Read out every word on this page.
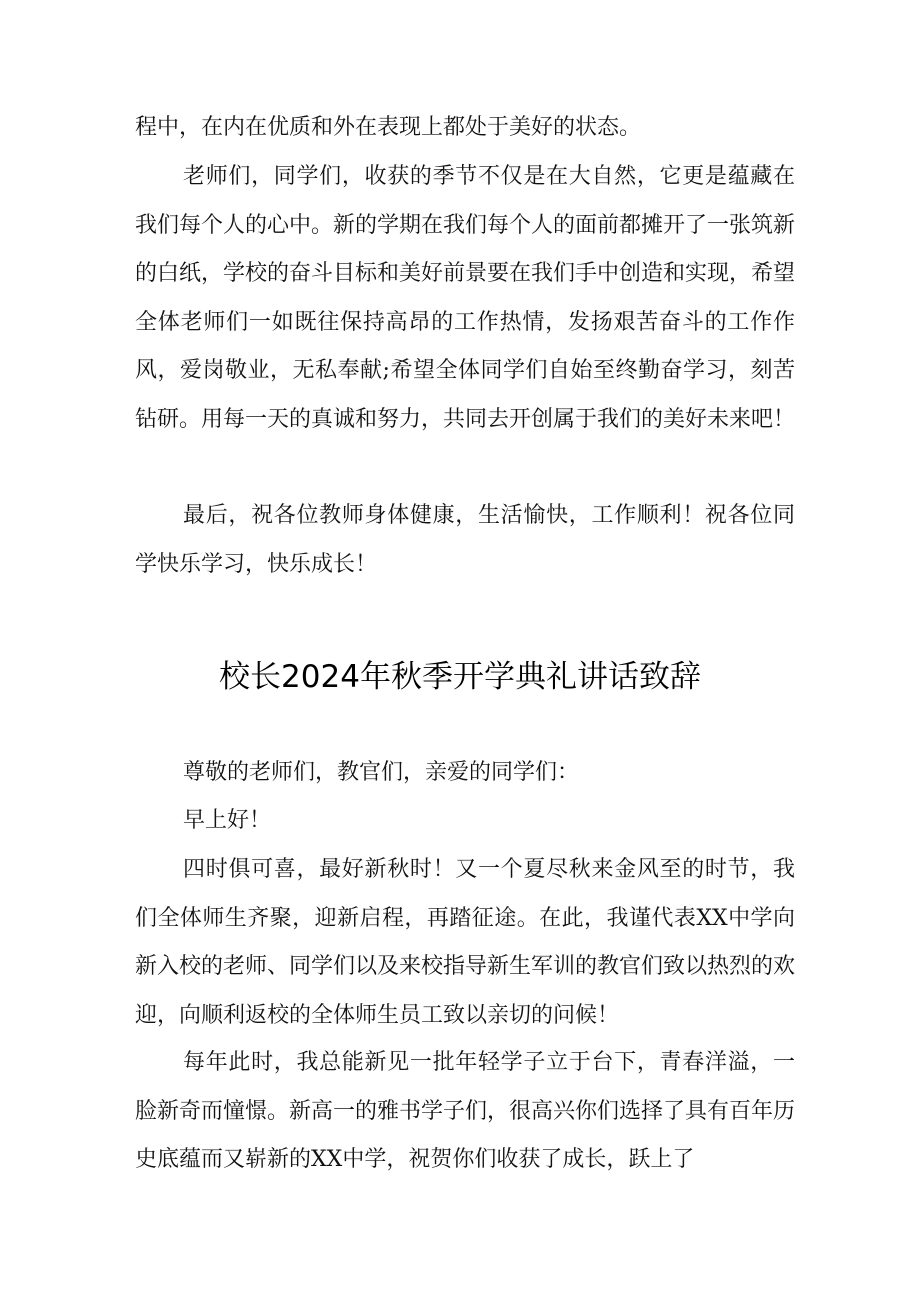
程中，在内在优质和外在表现上都处于美好的状态。

老师们，同学们，收获的季节不仅是在大自然，它更是蕴藏在我们每个人的心中。新的学期在我们每个人的面前都摊开了一张筑新的白纸，学校的奋斗目标和美好前景要在我们手中创造和实现，希望全体老师们一如既往保持高昂的工作热情，发扬艰苦奋斗的工作作风，爱岗敬业，无私奉献;希望全体同学们自始至终勤奋学习，刻苦钻研。用每一天的真诚和努力，共同去开创属于我们的美好未来吧！

最后，祝各位教师身体健康，生活愉快，工作顺利！祝各位同学快乐学习，快乐成长！

校长2024年秋季开学典礼讲话致辞

尊敬的老师们，教官们，亲爱的同学们：

早上好！

四时俱可喜，最好新秋时！又一个夏尽秋来金风至的时节，我们全体师生齐聚，迎新启程，再踏征途。在此，我谨代表XX中学向新入校的老师、同学们以及来校指导新生军训的教官们致以热烈的欢迎，向顺利返校的全体师生员工致以亲切的问候！

每年此时，我总能新见一批年轻学子立于台下，青春洋溢，一脸新奇而憧憬。新高一的雅书学子们，很高兴你们选择了具有百年历史底蕴而又崭新的XX中学，祝贺你们收获了成长，跃上了
